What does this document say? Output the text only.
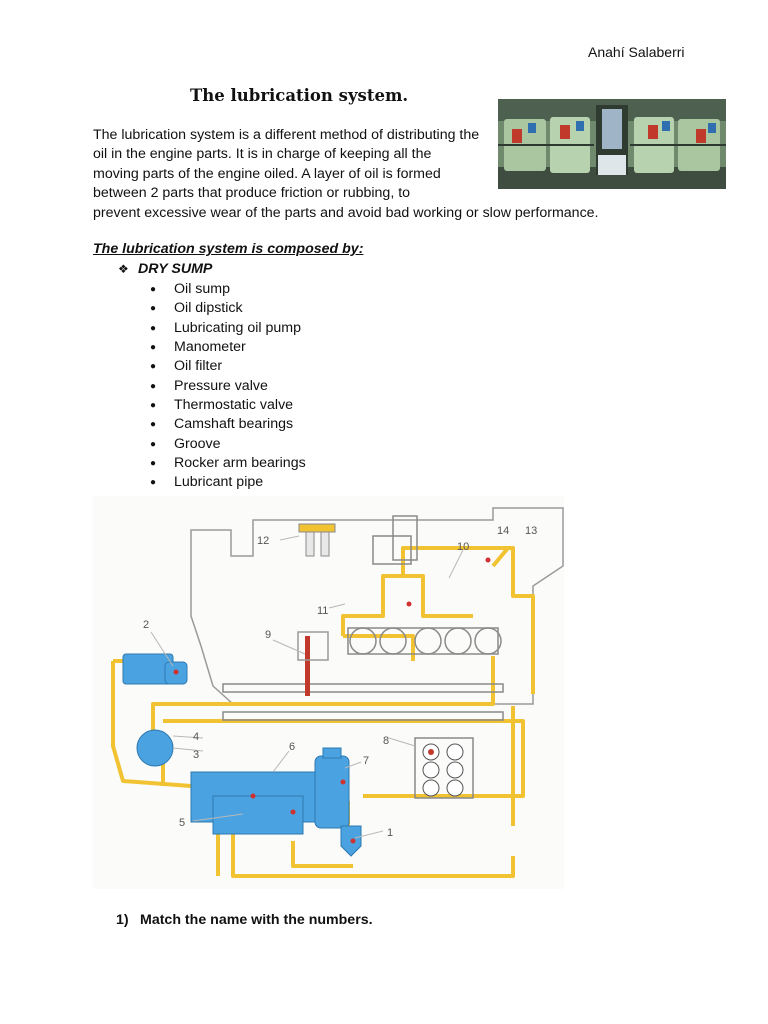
Anahí Salaberri
The lubrication system.

The lubrication system is a different method of distributing the
oil in the engine parts. It is in charge of keeping all the
moving parts of the engine oiled. A layer of oil is formed
between 2 parts that produce friction or rubbing, to
prevent excessive wear of the parts and avoid bad working or slow performance.

The lubrication system is composed by:
❖ DRY SUMP
● Oil sump
● Oil dipstick
● Lubricating oil pump
● Manometer
● Oil filter
● Pressure valve
● Thermostatic valve
● Camshaft bearings
● Groove
● Rocker arm bearings
● Lubricant pipe
1
2
3
4
5
6
7
8
9
10
11
12
13
14

1) Match the name with the numbers.
